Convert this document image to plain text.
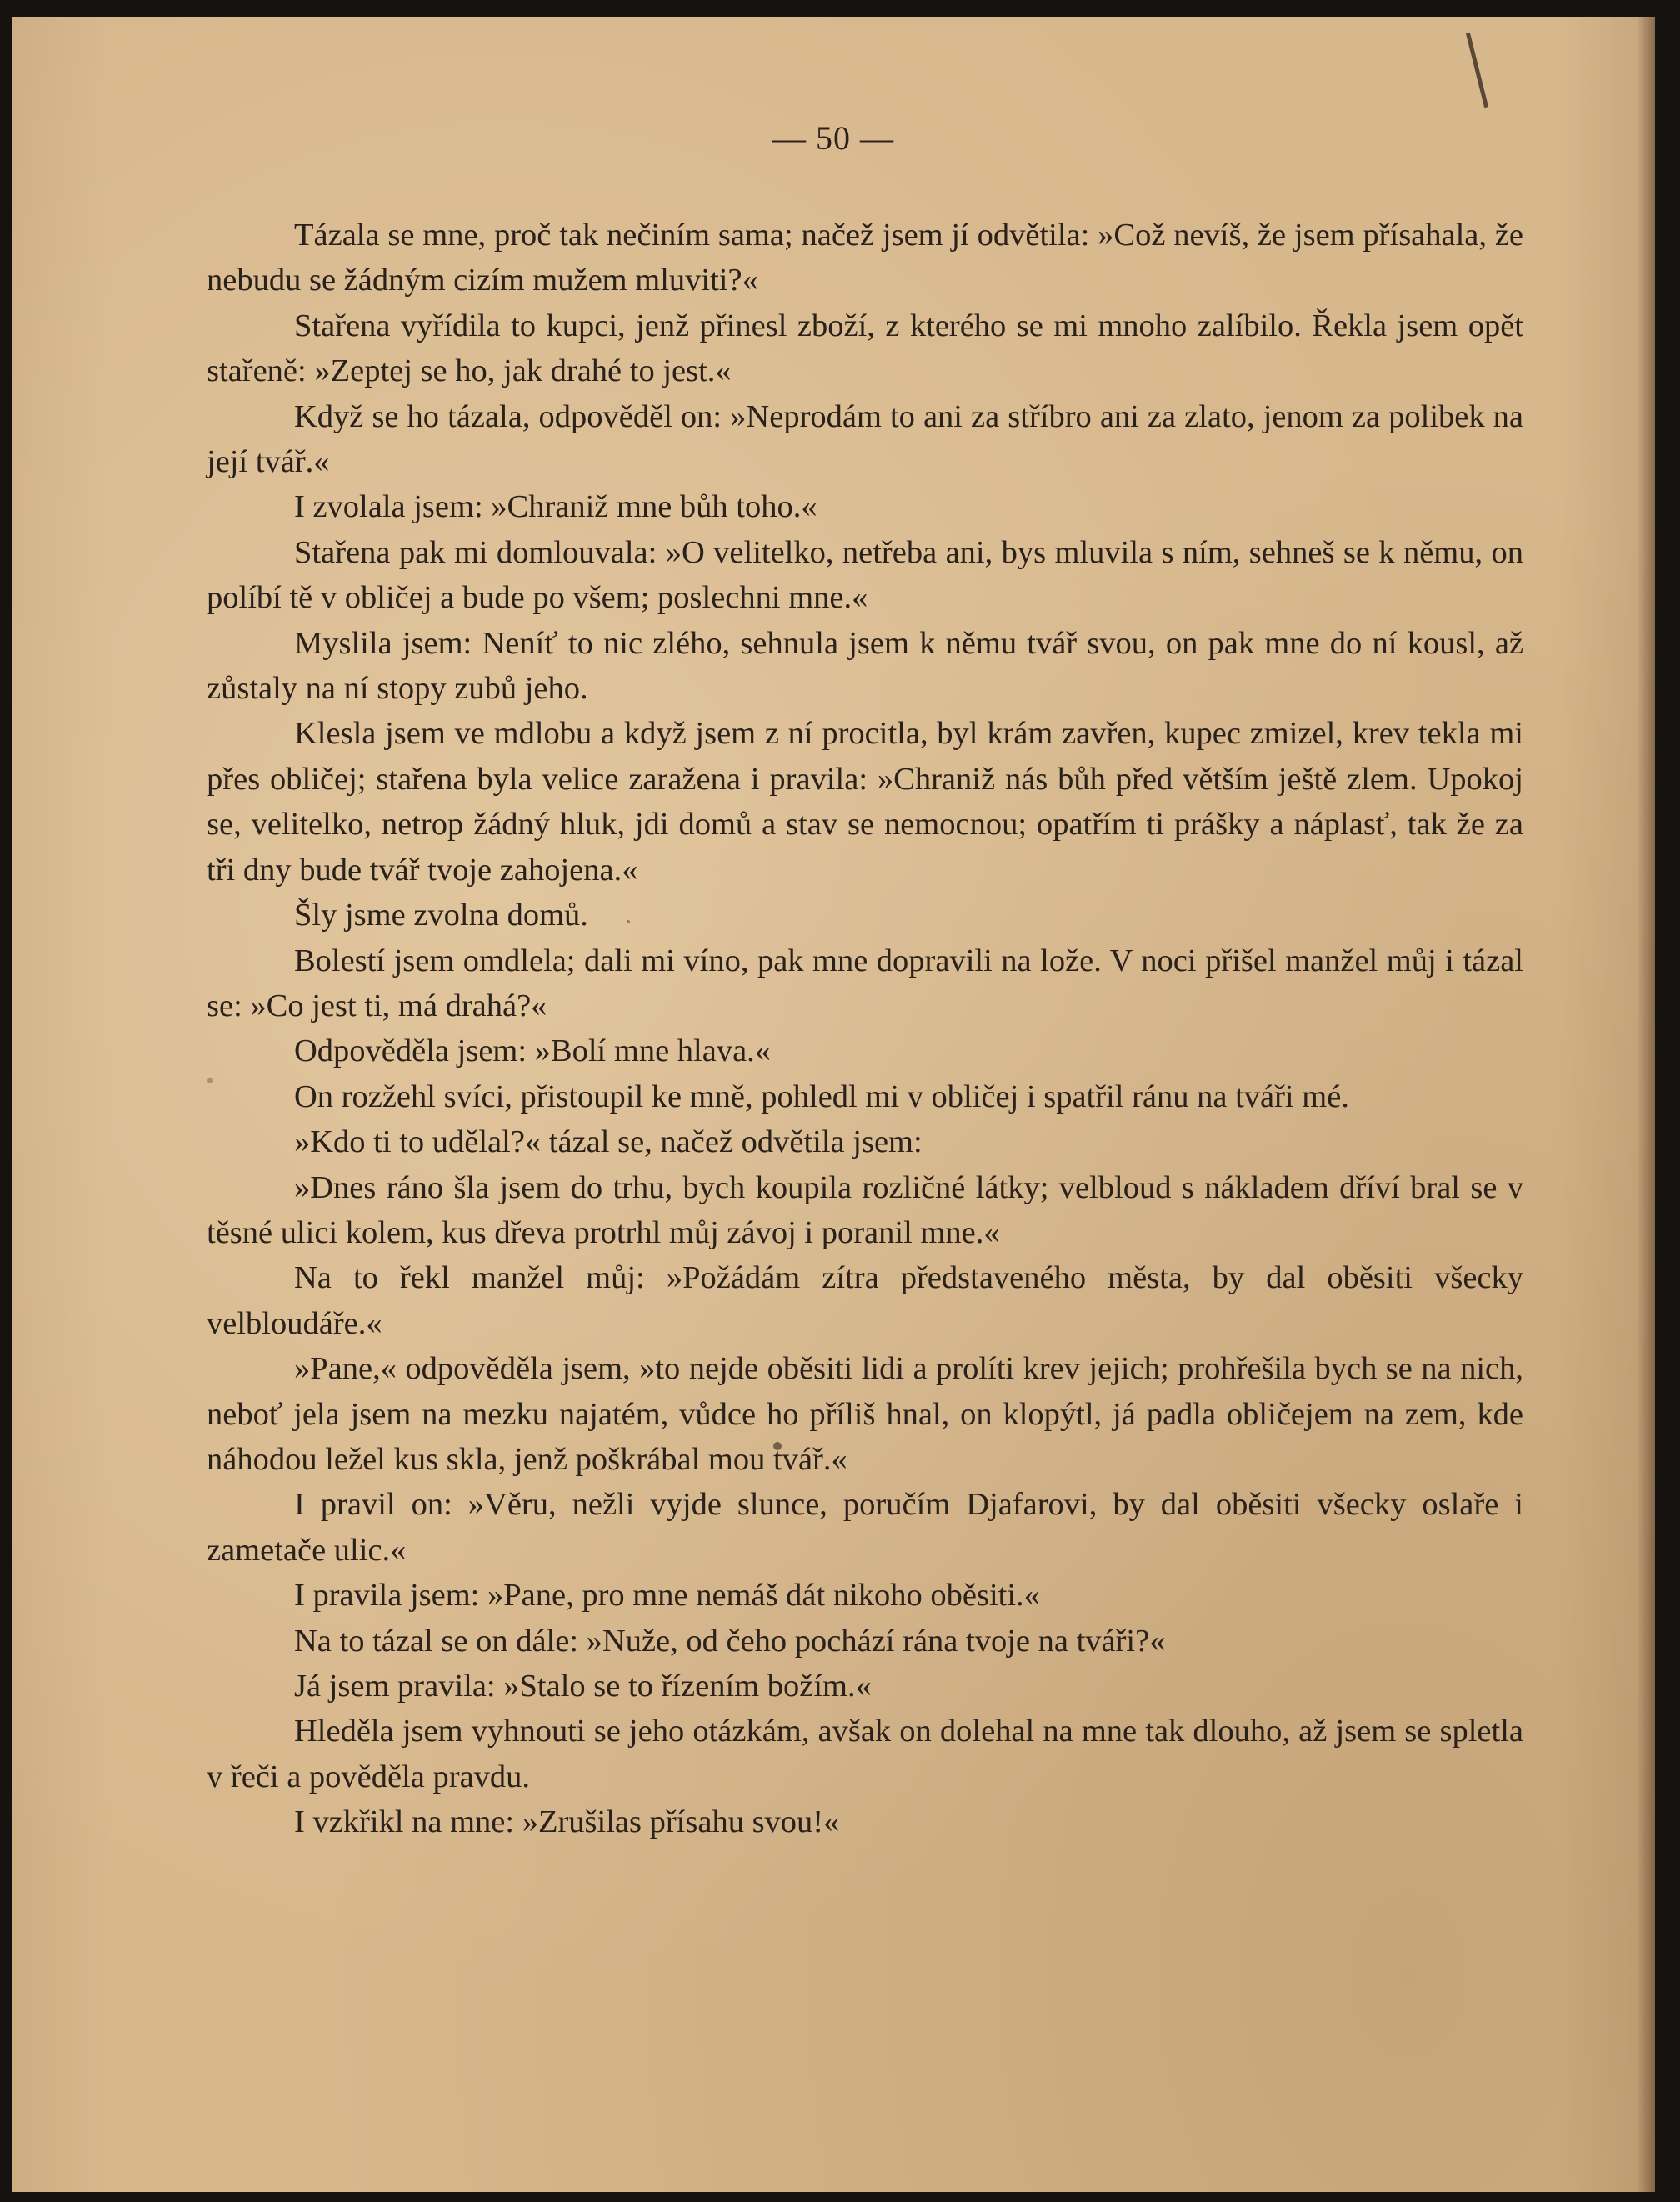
— 50 —

Tázala se mne, proč tak nečiním sama; načež jsem jí odvětila: »Což nevíš, že jsem přísahala, že nebudu se žádným cizím mužem mluviti?«

Stařena vyřídila to kupci, jenž přinesl zboží, z kterého se mi mnoho zalíbilo. Řekla jsem opět stařeně: »Zeptej se ho, jak drahé to jest.«

Když se ho tázala, odpověděl on: »Neprodám to ani za stříbro ani za zlato, jenom za polibek na její tvář.«

I zvolala jsem: »Chraniž mne bůh toho.«

Stařena pak mi domlouvala: »O velitelko, netřeba ani, bys mluvila s ním, sehneš se k němu, on políbí tě v obličej a bude po všem; poslechni mne.«

Myslila jsem: Neníť to nic zlého, sehnula jsem k němu tvář svou, on pak mne do ní kousl, až zůstaly na ní stopy zubů jeho.

Klesla jsem ve mdlobu a když jsem z ní procitla, byl krám zavřen, kupec zmizel, krev tekla mi přes obličej; stařena byla velice zaražena i pravila: »Chraniž nás bůh před větším ještě zlem. Upokoj se, velitelko, netrop žádný hluk, jdi domů a stav se nemocnou; opatřím ti prášky a náplasť, tak že za tři dny bude tvář tvoje zahojena.«

Šly jsme zvolna domů.

Bolestí jsem omdlela; dali mi víno, pak mne dopravili na lože. V noci přišel manžel můj i tázal se: »Co jest ti, má drahá?«

Odpověděla jsem: »Bolí mne hlava.«

On rozžehl svíci, přistoupil ke mně, pohledl mi v obličej i spatřil ránu na tváři mé.

»Kdo ti to udělal?« tázal se, načež odvětila jsem:

»Dnes ráno šla jsem do trhu, bych koupila rozličné látky; velbloud s nákladem dříví bral se v těsné ulici kolem, kus dřeva protrhl můj závoj i poranil mne.«

Na to řekl manžel můj: »Požádám zítra představeného města, by dal oběsiti všecky velbloudáře.«

»Pane,« odpověděla jsem, »to nejde oběsiti lidi a prolíti krev jejich; prohřešila bych se na nich, neboť jela jsem na mezku najatém, vůdce ho příliš hnal, on klopýtl, já padla obličejem na zem, kde náhodou ležel kus skla, jenž poškrábal mou tvář.«

I pravil on: »Věru, nežli vyjde slunce, poručím Djafarovi, by dal oběsiti všecky oslaře i zametače ulic.«

I pravila jsem: »Pane, pro mne nemáš dát nikoho oběsiti.«

Na to tázal se on dále: »Nuže, od čeho pochází rána tvoje na tváři?«

Já jsem pravila: »Stalo se to řízením božím.«

Hleděla jsem vyhnouti se jeho otázkám, avšak on dolehal na mne tak dlouho, až jsem se spletla v řeči a pověděla pravdu.

I vzkřikl na mne: »Zrušilas přísahu svou!«
